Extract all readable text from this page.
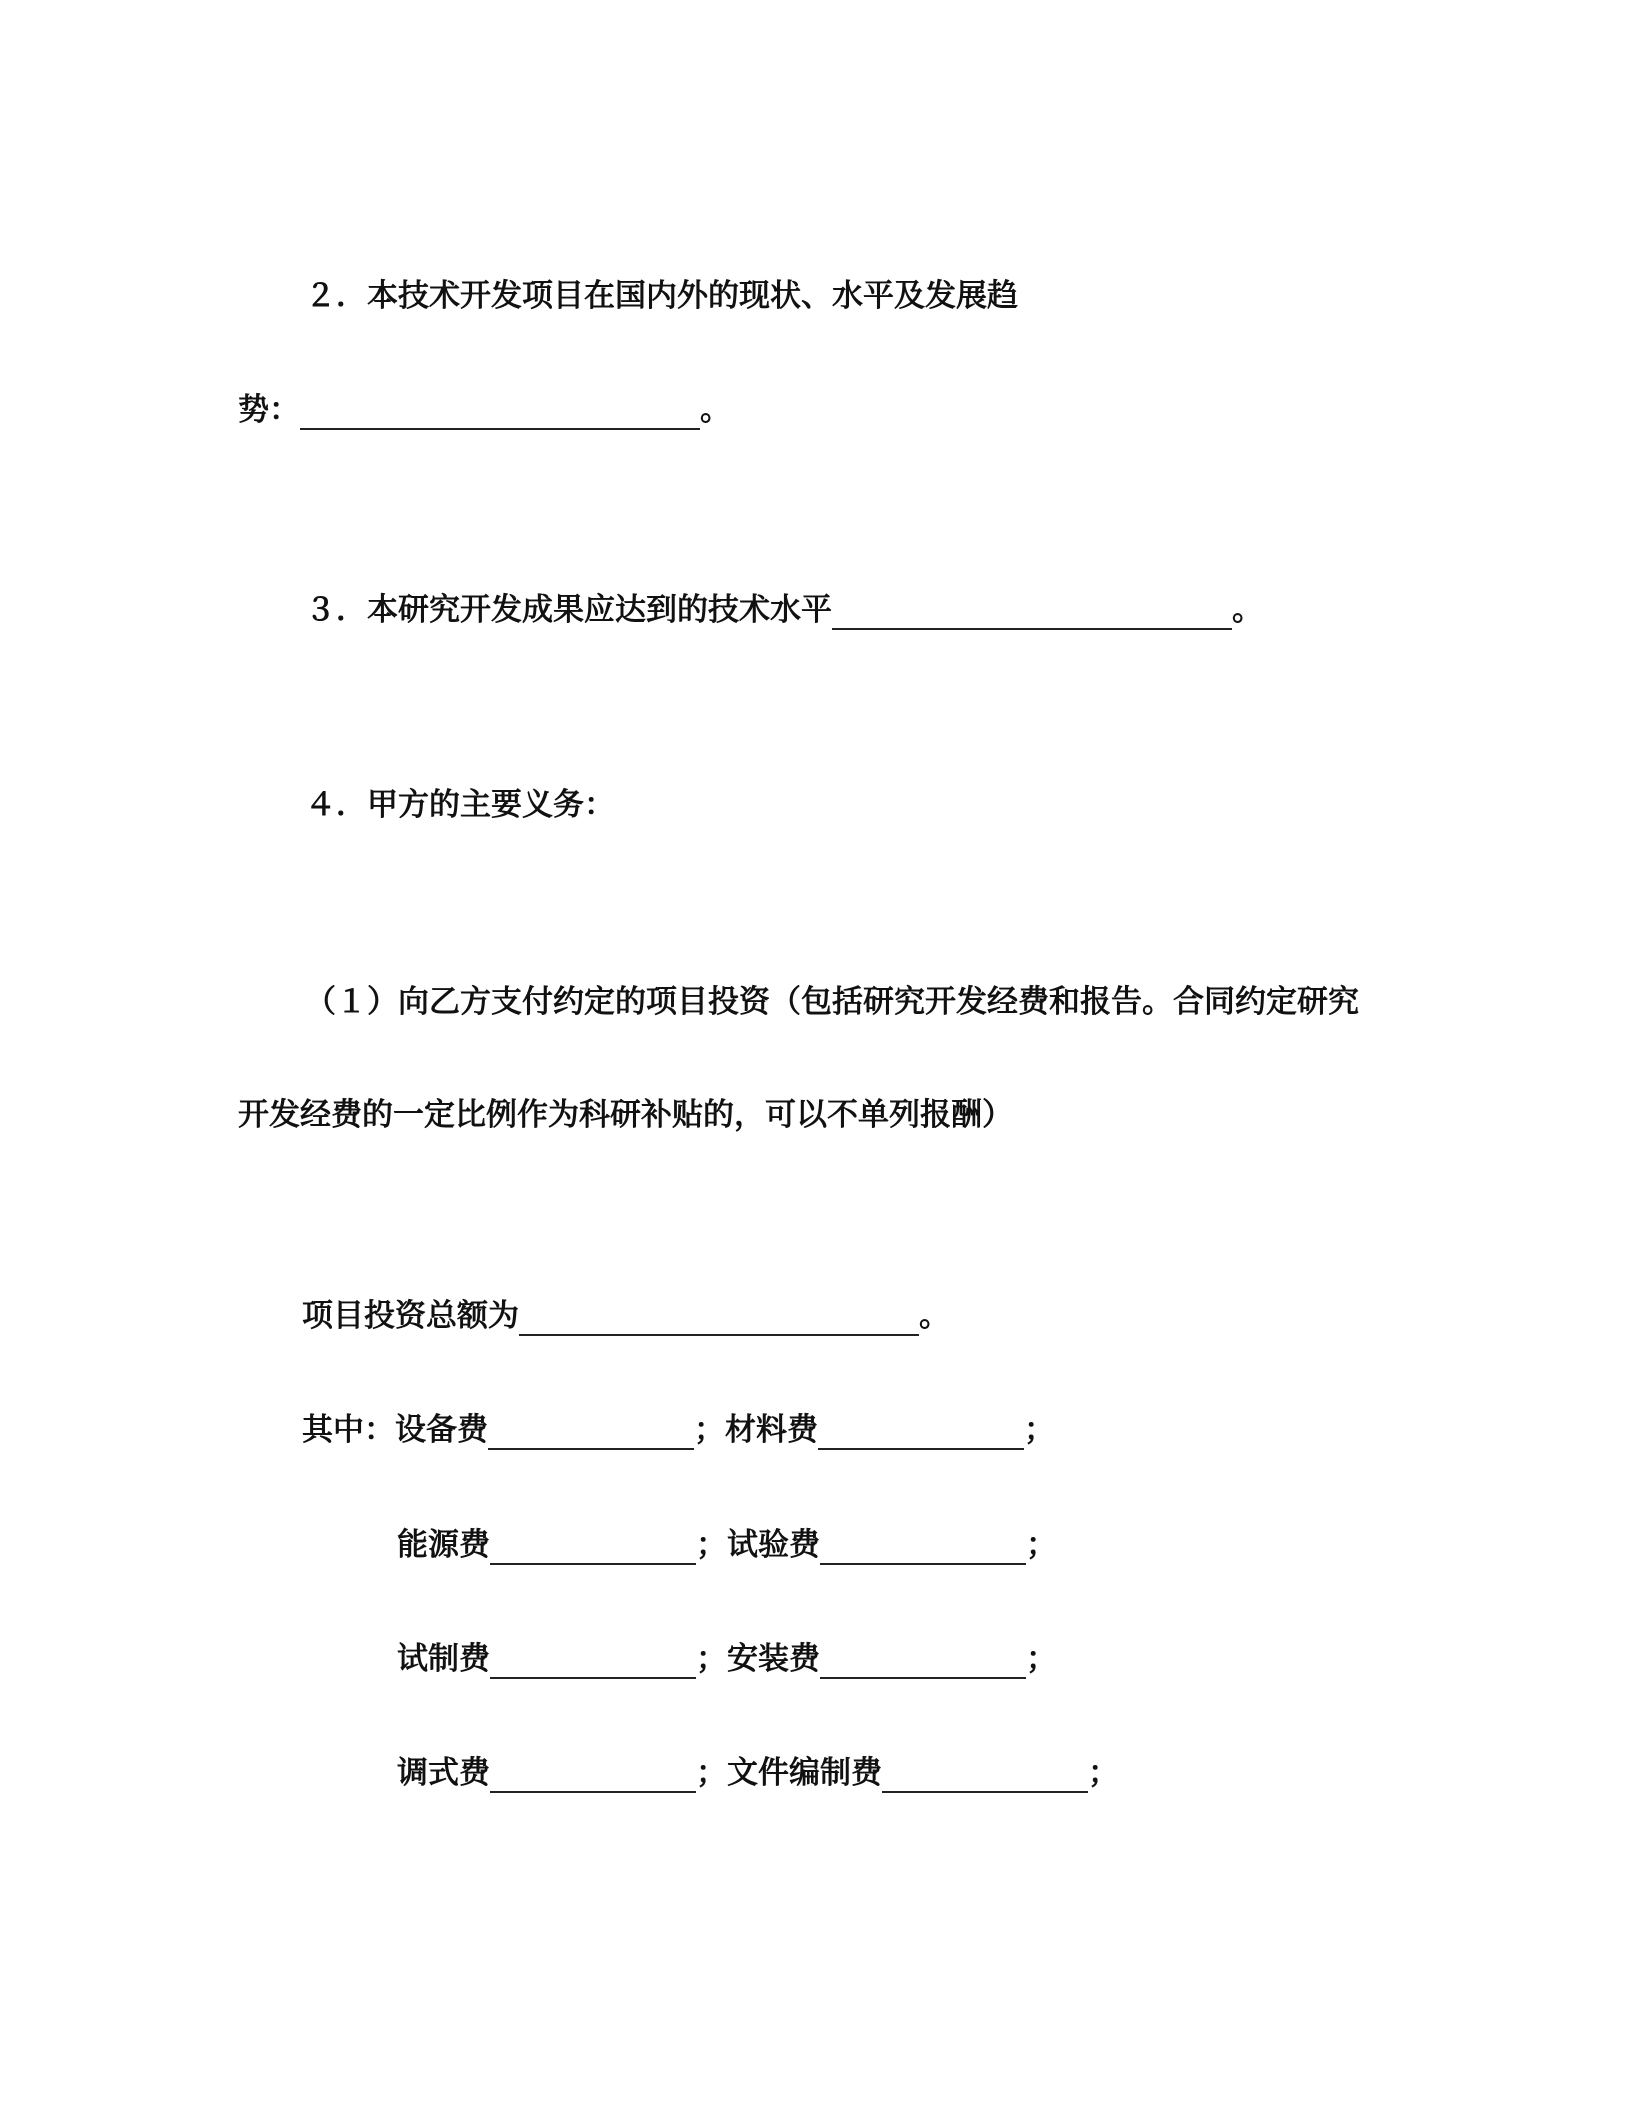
２．本技术开发项目在国内外的现状、水平及发展趋
势：	。
３．本研究开发成果应达到的技术水平	。
４．甲方的主要义务：
（１）向乙方支付约定的项目投资（包括研究开发经费和报告。合同约定研究
开发经费的一定比例作为科研补贴的，可以不单列报酬）
项目投资总额为	。
其中：设备费	；材料费	；
能源费	；试验费	；
试制费	；安装费	；
调式费	；文件编制费	；
